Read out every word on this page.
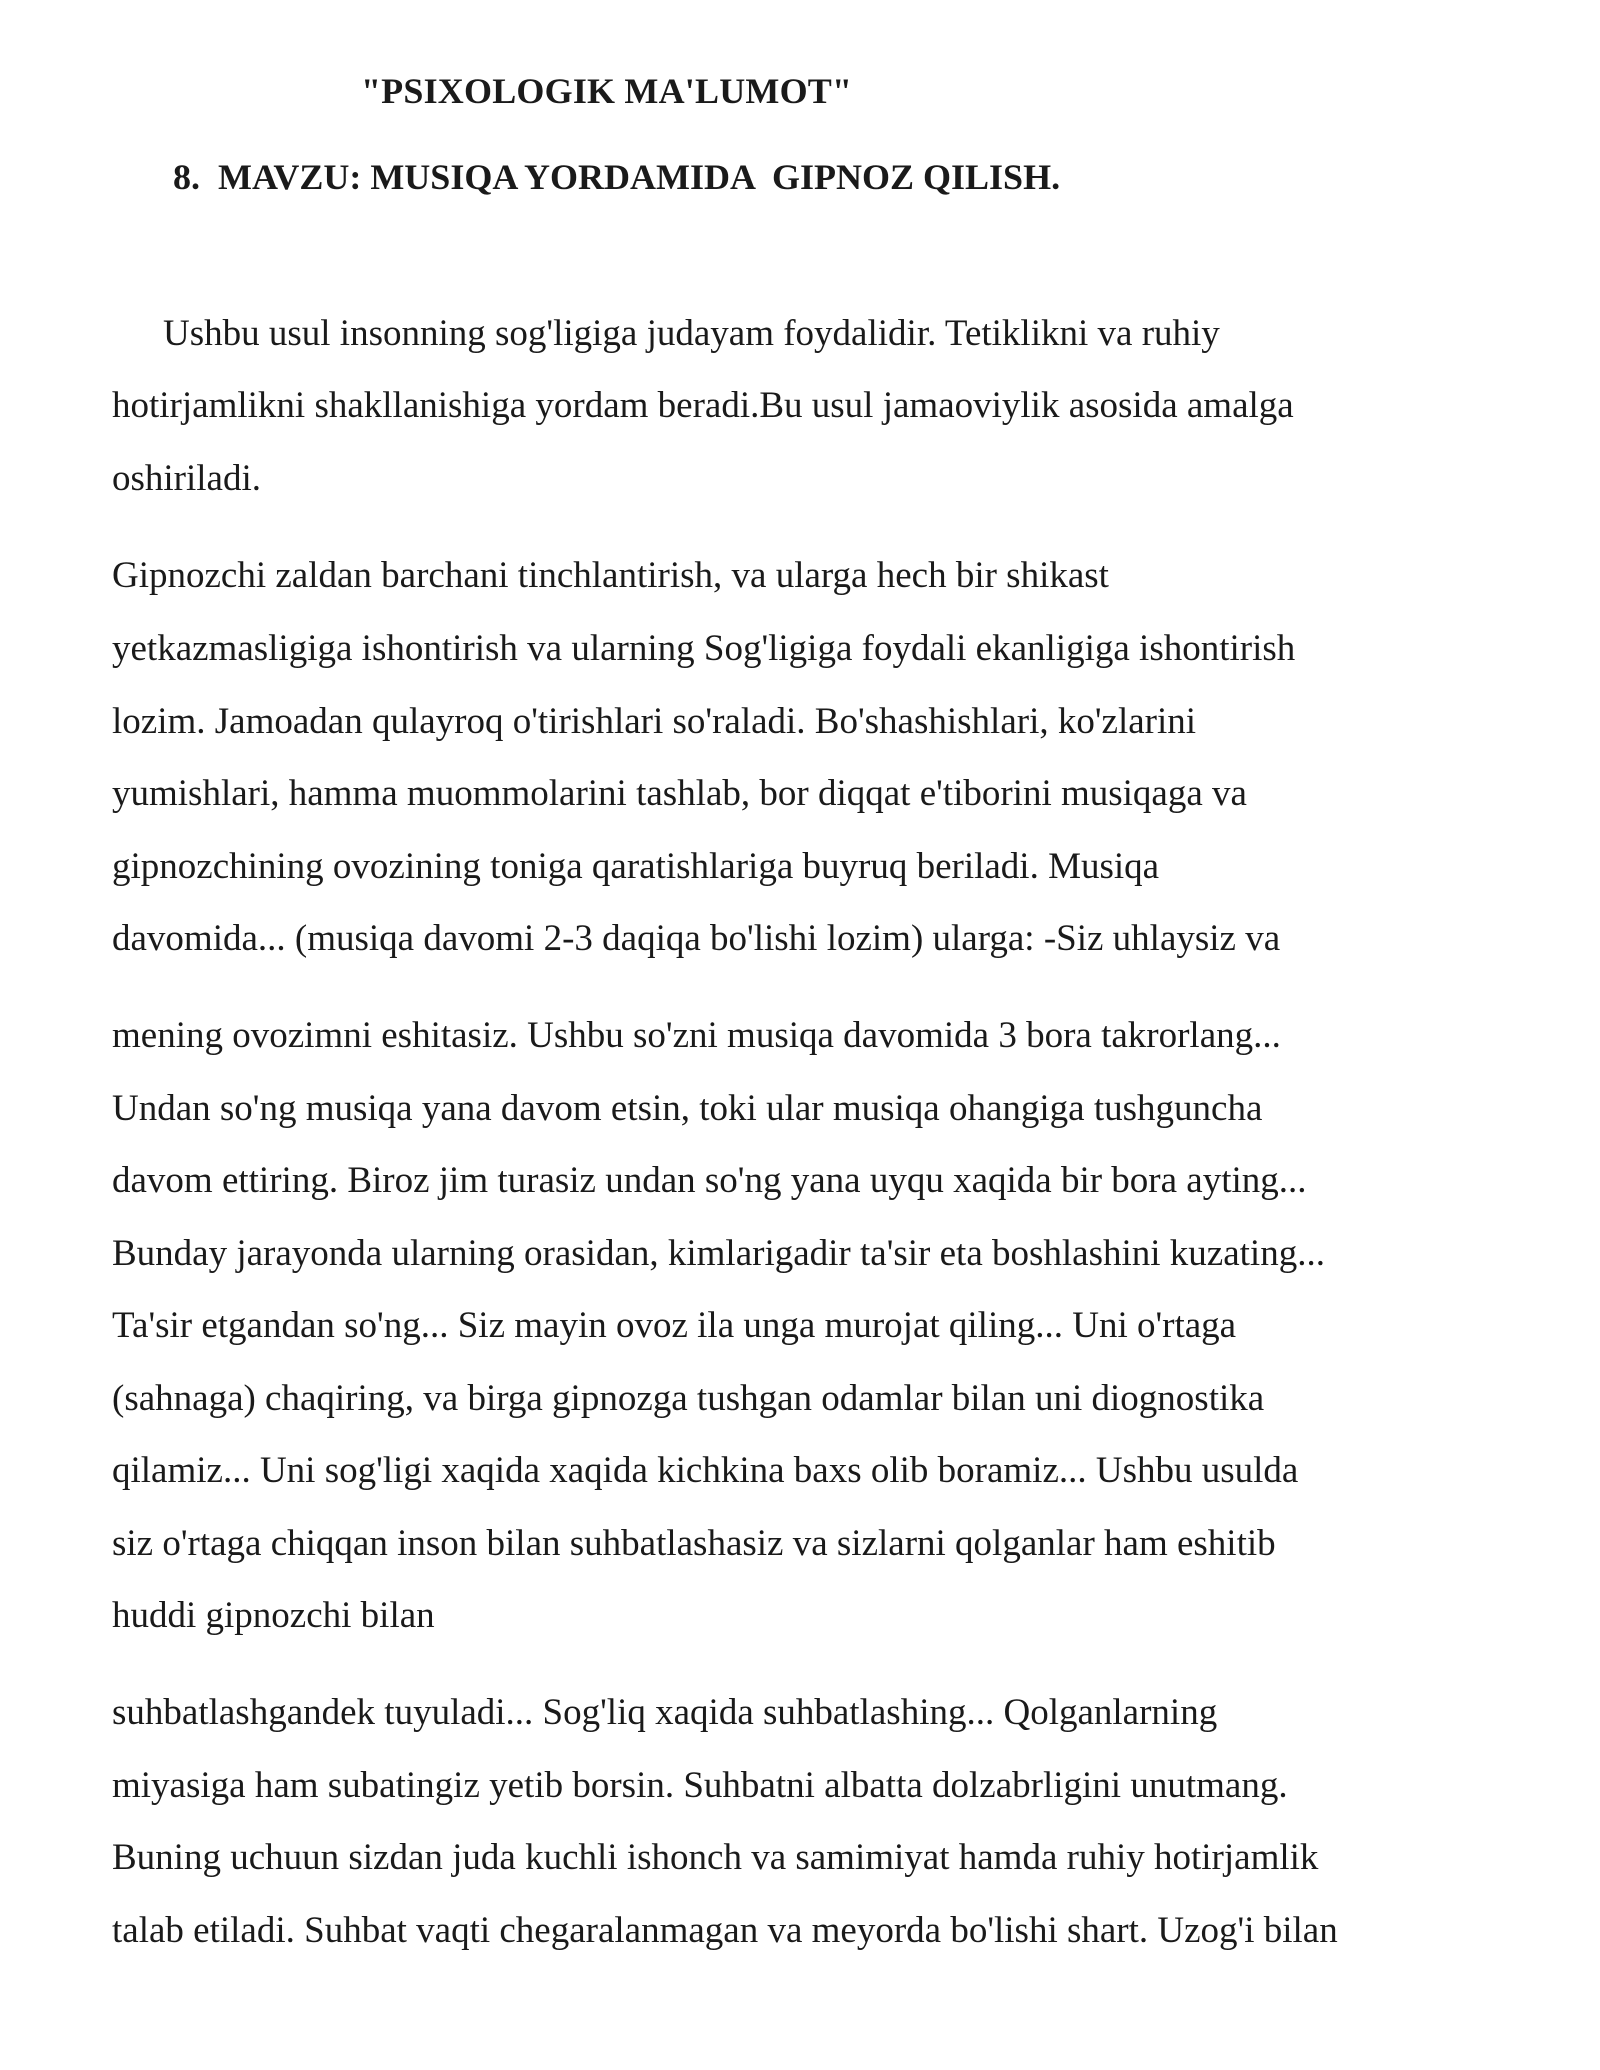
"PSIXOLOGIK MA'LUMOT"
8.  MAVZU: MUSIQA YORDAMIDA  GIPNOZ QILISH.

Ushbu usul insonning sog'ligiga judayam foydalidir. Tetiklikni va ruhiy

hotirjamlikni shakllanishiga yordam beradi.Bu usul jamaoviylik asosida amalga

oshiriladi.

Gipnozchi zaldan barchani tinchlantirish, va ularga hech bir shikast

yetkazmasligiga ishontirish va ularning Sog'ligiga foydali ekanligiga ishontirish

lozim. Jamoadan qulayroq o'tirishlari so'raladi. Bo'shashishlari, ko'zlarini

yumishlari, hamma muommolarini tashlab, bor diqqat e'tiborini musiqaga va

gipnozchining ovozining toniga qaratishlariga buyruq beriladi. Musiqa

davomida... (musiqa davomi 2-3 daqiqa bo'lishi lozim) ularga: -Siz uhlaysiz va

mening ovozimni eshitasiz. Ushbu so'zni musiqa davomida 3 bora takrorlang...

Undan so'ng musiqa yana davom etsin, toki ular musiqa ohangiga tushguncha

davom ettiring. Biroz jim turasiz undan so'ng yana uyqu xaqida bir bora ayting...

Bunday jarayonda ularning orasidan, kimlarigadir ta'sir eta boshlashini kuzating...

Ta'sir etgandan so'ng... Siz mayin ovoz ila unga murojat qiling... Uni o'rtaga

(sahnaga) chaqiring, va birga gipnozga tushgan odamlar bilan uni diognostika

qilamiz... Uni sog'ligi xaqida xaqida kichkina baxs olib boramiz... Ushbu usulda

siz o'rtaga chiqqan inson bilan suhbatlashasiz va sizlarni qolganlar ham eshitib

huddi gipnozchi bilan

suhbatlashgandek tuyuladi... Sog'liq xaqida suhbatlashing... Qolganlarning

miyasiga ham subatingiz yetib borsin. Suhbatni albatta dolzabrligini unutmang.

Buning uchuun sizdan juda kuchli ishonch va samimiyat hamda ruhiy hotirjamlik

talab etiladi. Suhbat vaqti chegaralanmagan va meyorda bo'lishi shart. Uzog'i bilan
